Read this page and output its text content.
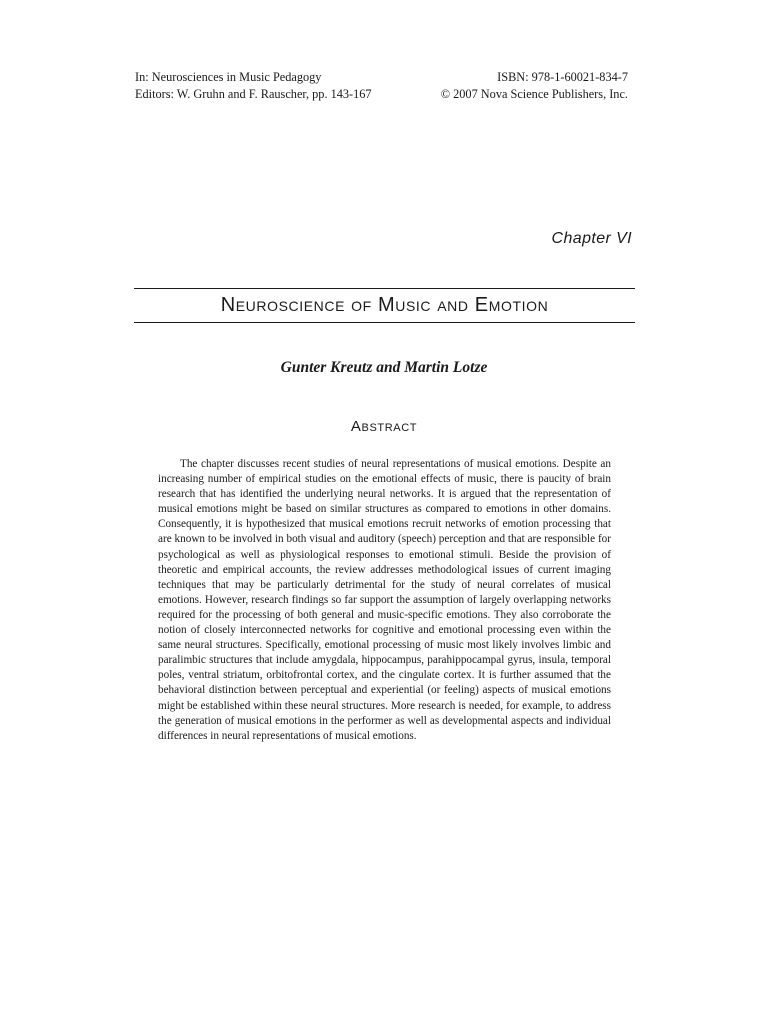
In: Neurosciences in Music Pedagogy	ISBN: 978-1-60021-834-7
Editors: W. Gruhn and F. Rauscher, pp. 143-167	© 2007 Nova Science Publishers, Inc.
Chapter VI
Neuroscience of Music and Emotion
Gunter Kreutz and Martin Lotze
Abstract

The chapter discusses recent studies of neural representations of musical emotions. Despite an increasing number of empirical studies on the emotional effects of music, there is paucity of brain research that has identified the underlying neural networks. It is argued that the representation of musical emotions might be based on similar structures as compared to emotions in other domains. Consequently, it is hypothesized that musical emotions recruit networks of emotion processing that are known to be involved in both visual and auditory (speech) perception and that are responsible for psychological as well as physiological responses to emotional stimuli. Beside the provision of theoretic and empirical accounts, the review addresses methodological issues of current imaging techniques that may be particularly detrimental for the study of neural correlates of musical emotions. However, research findings so far support the assumption of largely overlapping networks required for the processing of both general and music-specific emotions. They also corroborate the notion of closely interconnected networks for cognitive and emotional processing even within the same neural structures. Specifically, emotional processing of music most likely involves limbic and paralimbic structures that include amygdala, hippocampus, parahippocampal gyrus, insula, temporal poles, ventral striatum, orbitofrontal cortex, and the cingulate cortex. It is further assumed that the behavioral distinction between perceptual and experiential (or feeling) aspects of musical emotions might be established within these neural structures. More research is needed, for example, to address the generation of musical emotions in the performer as well as developmental aspects and individual differences in neural representations of musical emotions.
